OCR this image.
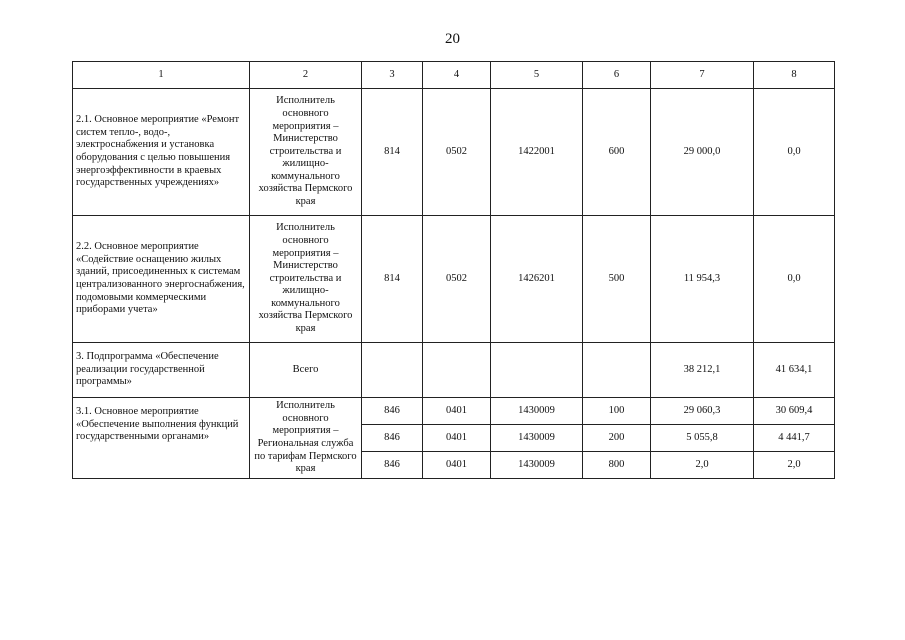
20
1	2	3	4	5	6	7	8
2.1. Основное мероприятие «Ремонт систем тепло-, водо-, электроснабжения и установка оборудования с целью повышения энергоэффективности в краевых государственных учреждениях»	Исполнитель основного мероприятия – Министерство строительства и жилищно-коммунального хозяйства Пермского края	814	0502	1422001	600	29 000,0	0,0
2.2. Основное мероприятие «Содействие оснащению жилых зданий, присоединенных к системам централизованного энергоснабжения, подомовыми коммерческими приборами учета»	Исполнитель основного мероприятия – Министерство строительства и жилищно-коммунального хозяйства Пермского края	814	0502	1426201	500	11 954,3	0,0
3. Подпрограмма «Обеспечение реализации государственной программы»	Всего					38 212,1	41 634,1
3.1. Основное мероприятие «Обеспечение выполнения функций государственными органами»	Исполнитель основного мероприятия – Региональная служба по тарифам Пермского края	846	0401	1430009	100	29 060,3	30 609,4
		846	0401	1430009	200	5 055,8	4 441,7
		846	0401	1430009	800	2,0	2,0
